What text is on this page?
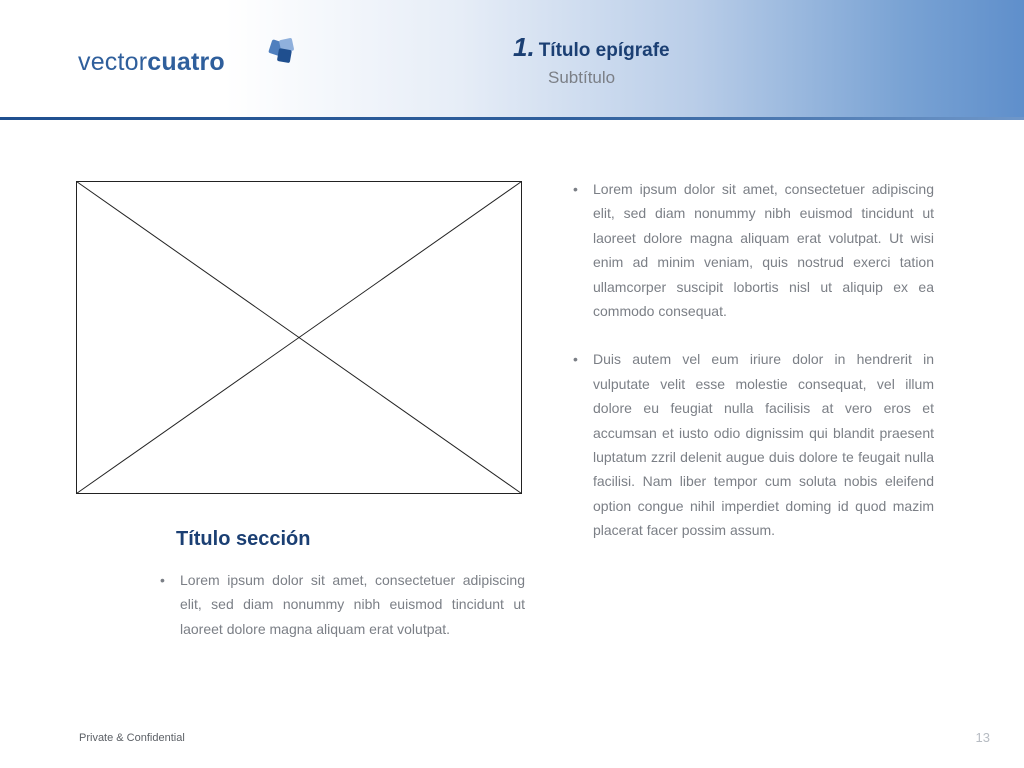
vectorcuatro	1. Título epígrafe
Subtítulo
• Lorem ipsum dolor sit amet, consectetuer adipiscing elit, sed diam nonummy nibh euismod tincidunt ut laoreet dolore magna aliquam erat volutpat. Ut wisi enim ad minim veniam, quis nostrud exerci tation ullamcorper suscipit lobortis nisl ut aliquip ex ea commodo consequat.
• Duis autem vel eum iriure dolor in hendrerit in vulputate velit esse molestie consequat, vel illum dolore eu feugiat nulla facilisis at vero eros et accumsan et iusto odio dignissim qui blandit praesent luptatum zzril delenit augue duis dolore te feugait nulla facilisi. Nam liber tempor cum soluta nobis eleifend option congue nihil imperdiet doming id quod mazim placerat facer possim assum.
Título sección
• Lorem ipsum dolor sit amet, consectetuer adipiscing elit, sed diam nonummy nibh euismod tincidunt ut laoreet dolore magna aliquam erat volutpat.
Private & Confidential	13
